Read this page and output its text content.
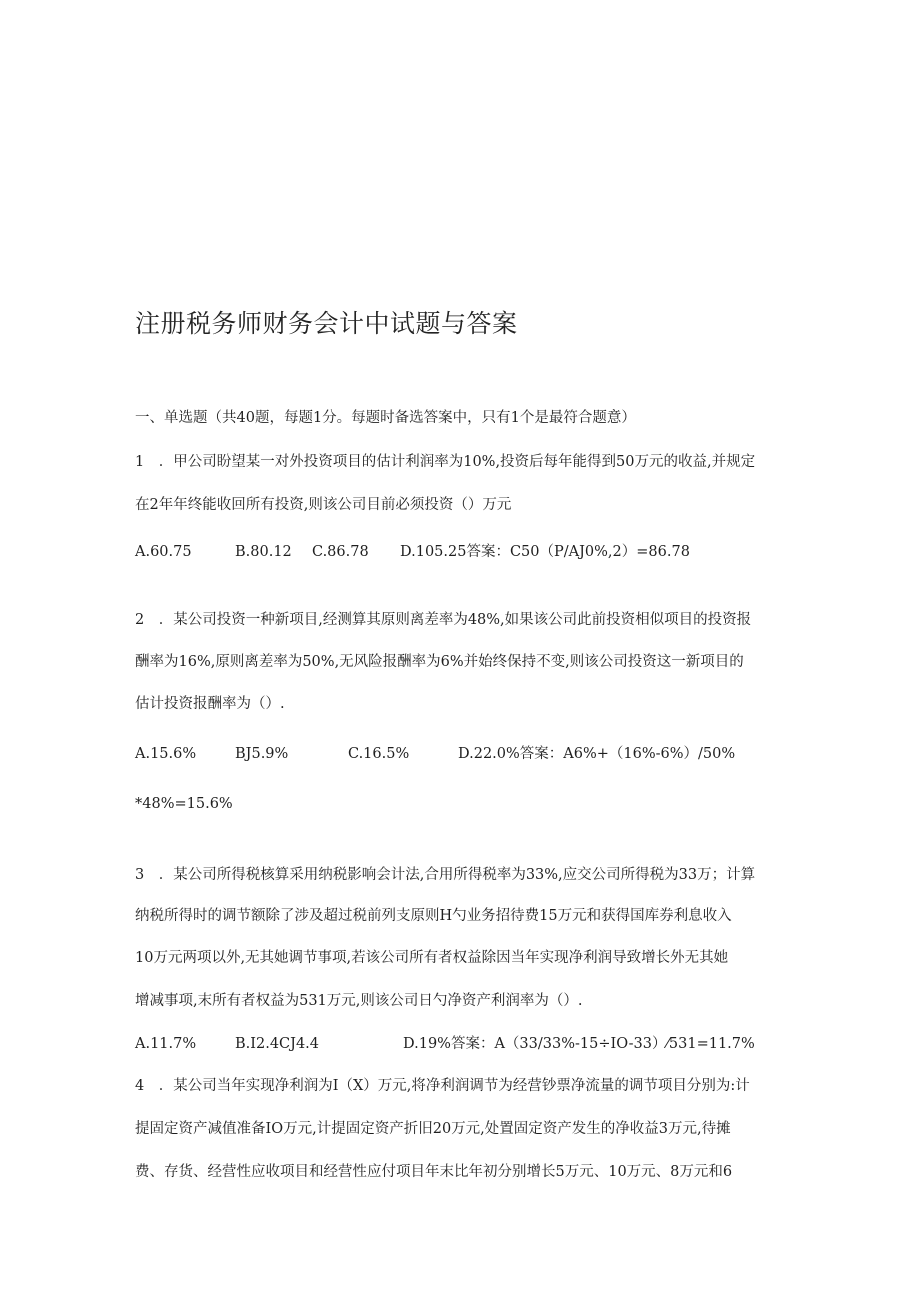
注册税务师财务会计中试题与答案
一、单选题（共40题，每题1分。每题时备选答案中，只有1个是最符合题意）
1　．甲公司盼望某一对外投资项目的估计利润率为10%,投资后每年能得到50万元的收益,并规定
在2年年终能收回所有投资,则该公司目前必须投资（）万元
A.60.75	B.80.12 C.86.78 D.105.25答案：C50（P/AJ0%,2）=86.78
2　．某公司投资一种新项目,经测算其原则离差率为48%,如果该公司此前投资相似项目的投资报
酬率为16%,原则离差率为50%,无风险报酬率为6%并始终保持不变,则该公司投资这一新项目的
估计投资报酬率为（）.
A.15.6%	BJ5.9%	C.16.5%	D.22.0%答案：A6%+（16%-6%）/50%
*48%=15.6%
3　．某公司所得税核算采用纳税影响会计法,合用所得税率为33%,应交公司所得税为33万；计算
纳税所得时的调节额除了涉及超过税前列支原则H勺业务招待费15万元和获得国库券利息收入
10万元两项以外,无其她调节事项,若该公司所有者权益除因当年实现净利润导致增长外无其她
增减事项,末所有者权益为531万元,则该公司日勺净资产利润率为（）.
A.11.7%	B.I2.4CJ4.4	D.19%答案：A（33/33%-15÷IO-33）⁄531=11.7%
4　．某公司当年实现净利润为I（X）万元,将净利润调节为经营钞票净流量的调节项目分别为:计
提固定资产减值准备IO万元,计提固定资产折旧20万元,处置固定资产发生的净收益3万元,待摊
费、存货、经营性应收项目和经营性应付项目年末比年初分别增长5万元、10万元、8万元和6
